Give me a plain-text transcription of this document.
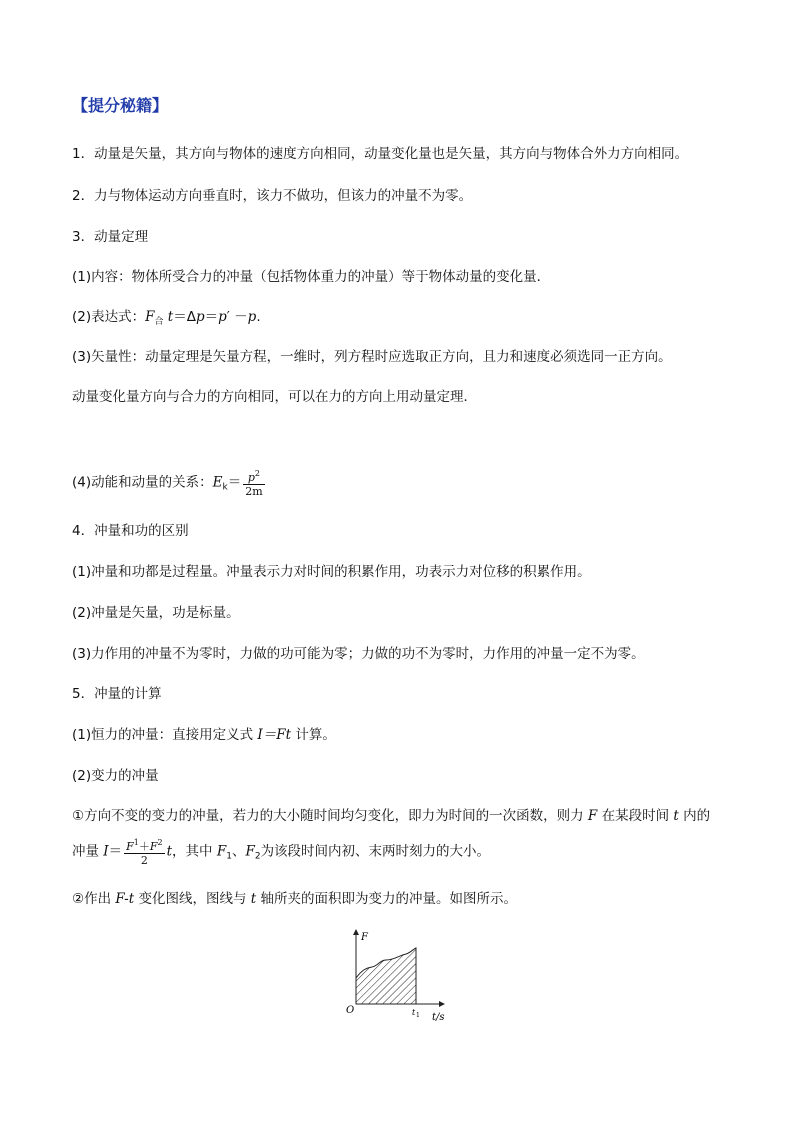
【提分秘籍】
1．动量是矢量，其方向与物体的速度方向相同，动量变化量也是矢量，其方向与物体合外力方向相同。
2．力与物体运动方向垂直时，该力不做功，但该力的冲量不为零。
3．动量定理
(1)内容：物体所受合力的冲量（包括物体重力的冲量）等于物体动量的变化量．
(2)表达式：$F_合$ t＝Δp＝p′ －p.
(3)矢量性：动量定理是矢量方程，一维时，列方程时应选取正方向，且力和速度必须选同一正方向。
动量变化量方向与合力的方向相同，可以在力的方向上用动量定理．
(4)动能和动量的关系：$E_k= \frac{p^2}{2m}$
4．冲量和功的区别
(1)冲量和功都是过程量。冲量表示力对时间的积累作用，功表示力对位移的积累作用。
(2)冲量是矢量，功是标量。
(3)力作用的冲量不为零时，力做的功可能为零；力做的功不为零时，力作用的冲量一定不为零。
5．冲量的计算
(1)恒力的冲量：直接用定义式 I＝Ft 计算。
(2)变力的冲量
①方向不变的变力的冲量，若力的大小随时间均匀变化，即力为时间的一次函数，则力 F 在某段时间 t 内的
冲量 $I= \frac{F^1+F^2}{2}$ t，其中 $F_1$、$F_2$为该段时间内初、末两时刻力的大小。
②作出 F-t 变化图线，图线与 t 轴所夹的面积即为变力的冲量。如图所示。
F
O	t 1 t/s
